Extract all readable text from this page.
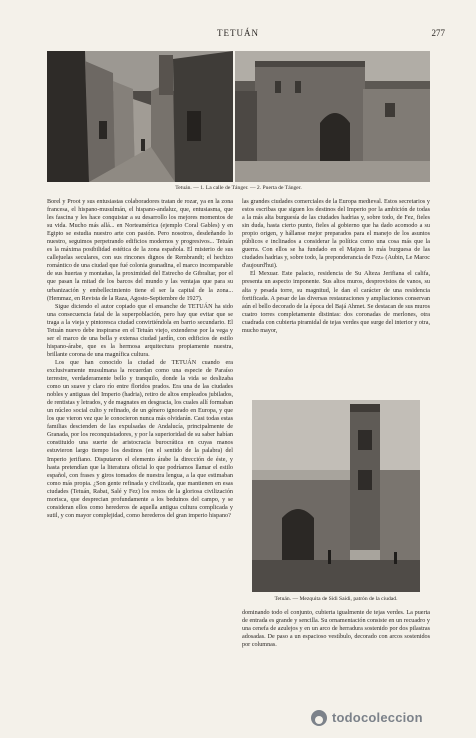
TETUÁN	277
Tetuán. — 1. La calle de Tánger. — 2. Puerta de Tánger.

Borel y Proot y sus entusiastas colaboradores tratan de rozar, ya en la zona francesa, el hispano-musulmán, el hispano-andaluz, que, entusiasma, que les fascina y les hace conquistar a su desarrollo los mejores momentos de su vida. Mucho más allá... en Norteamérica (ejemplo Coral Gables) y en Egipto se estudia nuestro arte con pasión. Pero nosotros, desdeñando lo nuestro, seguimos perpetrando edificios modernos y progresivos... Tetuán es la máxima posibilidad estética de la zona española. El misterio de sus callejuelas seculares, con sus rincones dignos de Rembrandt; el hechizo romántico de una ciudad que fué colonia granadina, el marco incomparable de sus huertas y montañas, la proximidad del Estrecho de Gibraltar, por el que pasan la mitad de los barcos del mundo y las ventajas que para su urbanización y embellecimiento tiene el ser la capital de la zona... (Hemmaz, en Revista de la Raza, Agosto-Septiembre de 1927).

Sigue diciendo el autor copiado que el ensanche de TETUÁN ha sido una consecuencia fatal de la superpoblación, pero hay que evitar que se traga a la vieja y pintoresca ciudad convirtiéndola en barrio secundario. El Tetuán nuevo debe inspirarse en el Tetuán viejo, extenderse por la vega y ser el marco de una bella y extensa ciudad jardín, con edificios de estilo hispano-árabe, que es la hermosa arquitectura propiamente nuestra, brillante corona de una magnífica cultura.

Los que han conocido la ciudad de TETUÁN cuando era exclusivamente musulmana la recuerdan como una especie de Paraíso terrestre, verdaderamente bello y tranquilo, donde la vida se deslizaba como un suave y claro río entre floridos prados. Era una de las ciudades nobles y antiguas del Imperio (hadria), retiro de altos empleados jubilados, de rentistas y letrados, y de magnates en desgracia, los cuales allí formaban un núcleo social culto y refinado, de un género ignorado en Europa, y que los que vieron vez que le conocieron nunca más olvidarán. Casi todas estas familias descienden de las expulsadas de Andalucía, principalmente de Granada, por los reconquistadores, y por la superioridad de su saber habían constituido una suerte de aristocracia burocrática en cuyas manos estuvieron largo tiempo los destinos (en el sentido de la palabra) del Imperio jerifiano. Disputaron el elemento árabe la dirección de éste, y hasta pretendían que la literatura oficial lo que podríamos llamar el estilo español, con frases y giros tomados de nuestra lengua, a la que estimaban como más propia. ¿Son gente refinada y civilizada, que mantienen en esas ciudades (Tetuán, Rabat, Salé y Fez) los restos de la gloriosa civilización morisca, que desprecian profundamente a los beduinos del campo, y se consideran ellos como herederos de aquella antigua cultura complicada y sutil, y con mayor complejidad, como herederos del gran imperio hispano?

las grandes ciudades comerciales de la Europa medieval. Estos secretarios y estos escribas que siguen los destinos del Imperio por la ambición de todas a la más alta burguesía de las ciudades hadrias y, sobre todo, de Fez, fieles sin duda, hasta cierto punto, fieles al gobierno que ha dado acomodo a su propio origen, y hállanse mejor preparados para el manejo de los asuntos públicos e inclinados a considerar la política como una cosa más que la guerra. Con ellos se ha fundado en el Majzen lo más burguesa de las ciudades hadrias y, sobre todo, la preponderancia de Fez» (Aubin, Le Maroc d'aujourd'hui).

El Mexuar. Este palacio, residencia de Su Alteza Jerifiana el califa, presenta un aspecto imponente. Sus altos muros, desprovistos de vanos, su alta y pesada torre, su magnitud, le dan el carácter de una residencia fortificada. A pesar de las diversas restauraciones y ampliaciones conservan aún el bello decorado de la época del Bajá Ahmet. Se destacan de sus muros cuatro torres completamente distintas: dos coronadas de merlones, otra cuadrada con cubierta piramidal de tejas verdes que surge del interior y otra, mucho mayor,

Tetuán. — Mezquita de Sidi Saidi, patrón de la ciudad.

dominando todo el conjunto, cubierta igualmente de tejas verdes. La puerta de entrada es grande y sencilla. Su ornamentación consiste en un recuadro y una cenefa de azulejos y en un arco de herradura sostenido por dos pilastras adosadas. De paso a un espacioso vestíbulo, decorado con arcos sostenidos por columnas.

todocoleccion
